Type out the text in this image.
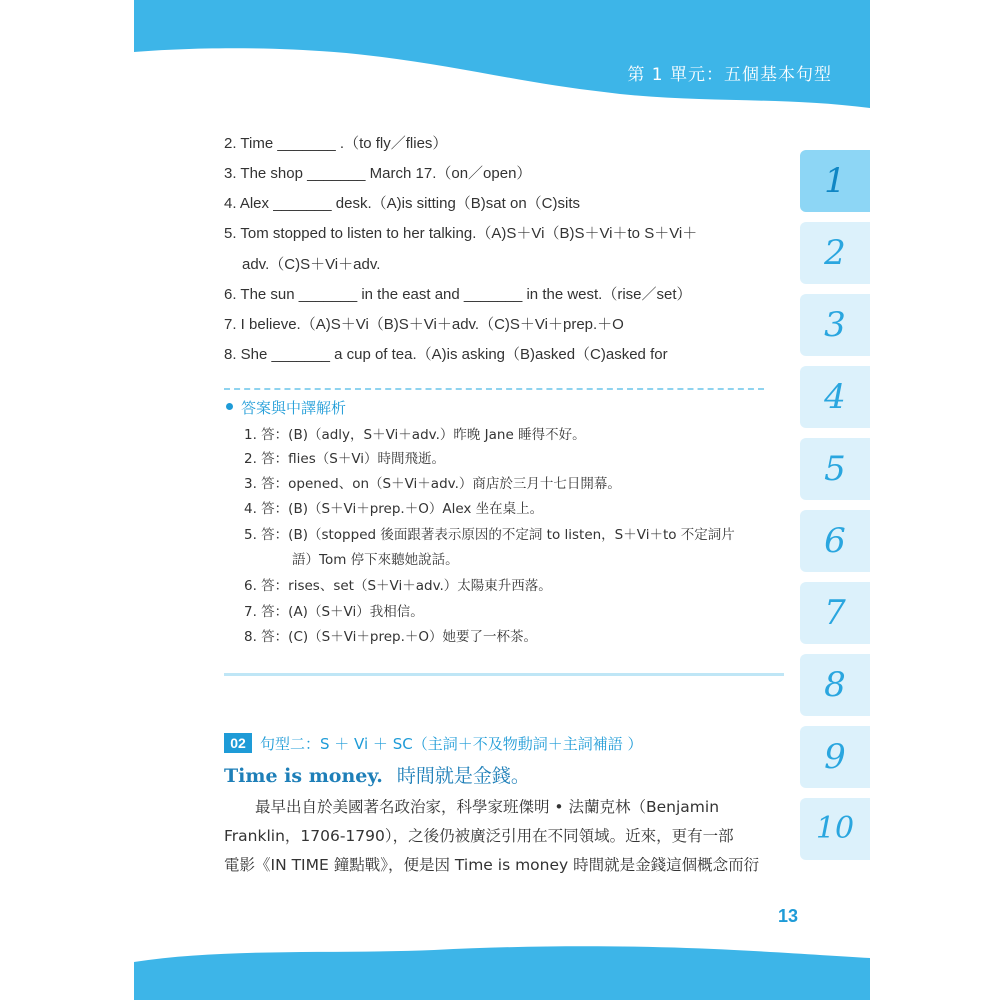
第 1 單元：五個基本句型
2. Time _______ .（to fly／flies）
3. The shop _______ March 17.（on／open）
4. Alex _______ desk.（A)is sitting（B)sat on（C)sits
5. Tom stopped to listen to her talking.（A)S＋Vi（B)S＋Vi＋to S＋Vi＋
adv.（C)S＋Vi＋adv.
6. The sun _______ in the east and _______ in the west.（rise／set）
7. I believe.（A)S＋Vi（B)S＋Vi＋adv.（C)S＋Vi＋prep.＋O
8. She _______ a cup of tea.（A)is asking（B)asked（C)asked for
答案與中譯解析
1. 答：(B)（adly，S＋Vi＋adv.）昨晚 Jane 睡得不好。
2. 答：flies（S＋Vi）時間飛逝。
3. 答：opened、on（S＋Vi＋adv.）商店於三月十七日開幕。
4. 答：(B)（S＋Vi＋prep.＋O）Alex 坐在桌上。
5. 答：(B)（stopped 後面跟著表示原因的不定詞 to listen，S＋Vi＋to 不定詞片
語）Tom 停下來聽她說話。
6. 答：rises、set（S＋Vi＋adv.）太陽東升西落。
7. 答：(A)（S＋Vi）我相信。
8. 答：(C)（S＋Vi＋prep.＋O）她要了一杯茶。
02 句型二：S ＋ Vi ＋ SC（主詞＋不及物動詞＋主詞補語 ）
Time is money. 時間就是金錢。
　　最早出自於美國著名政治家，科學家班傑明 • 法蘭克林（Benjamin
Franklin，1706-1790），之後仍被廣泛引用在不同領域。近來，更有一部
電影《IN TIME 鐘點戰》，便是因 Time is money 時間就是金錢這個概念而衍
13
1
2
3
4
5
6
7
8
9
10
